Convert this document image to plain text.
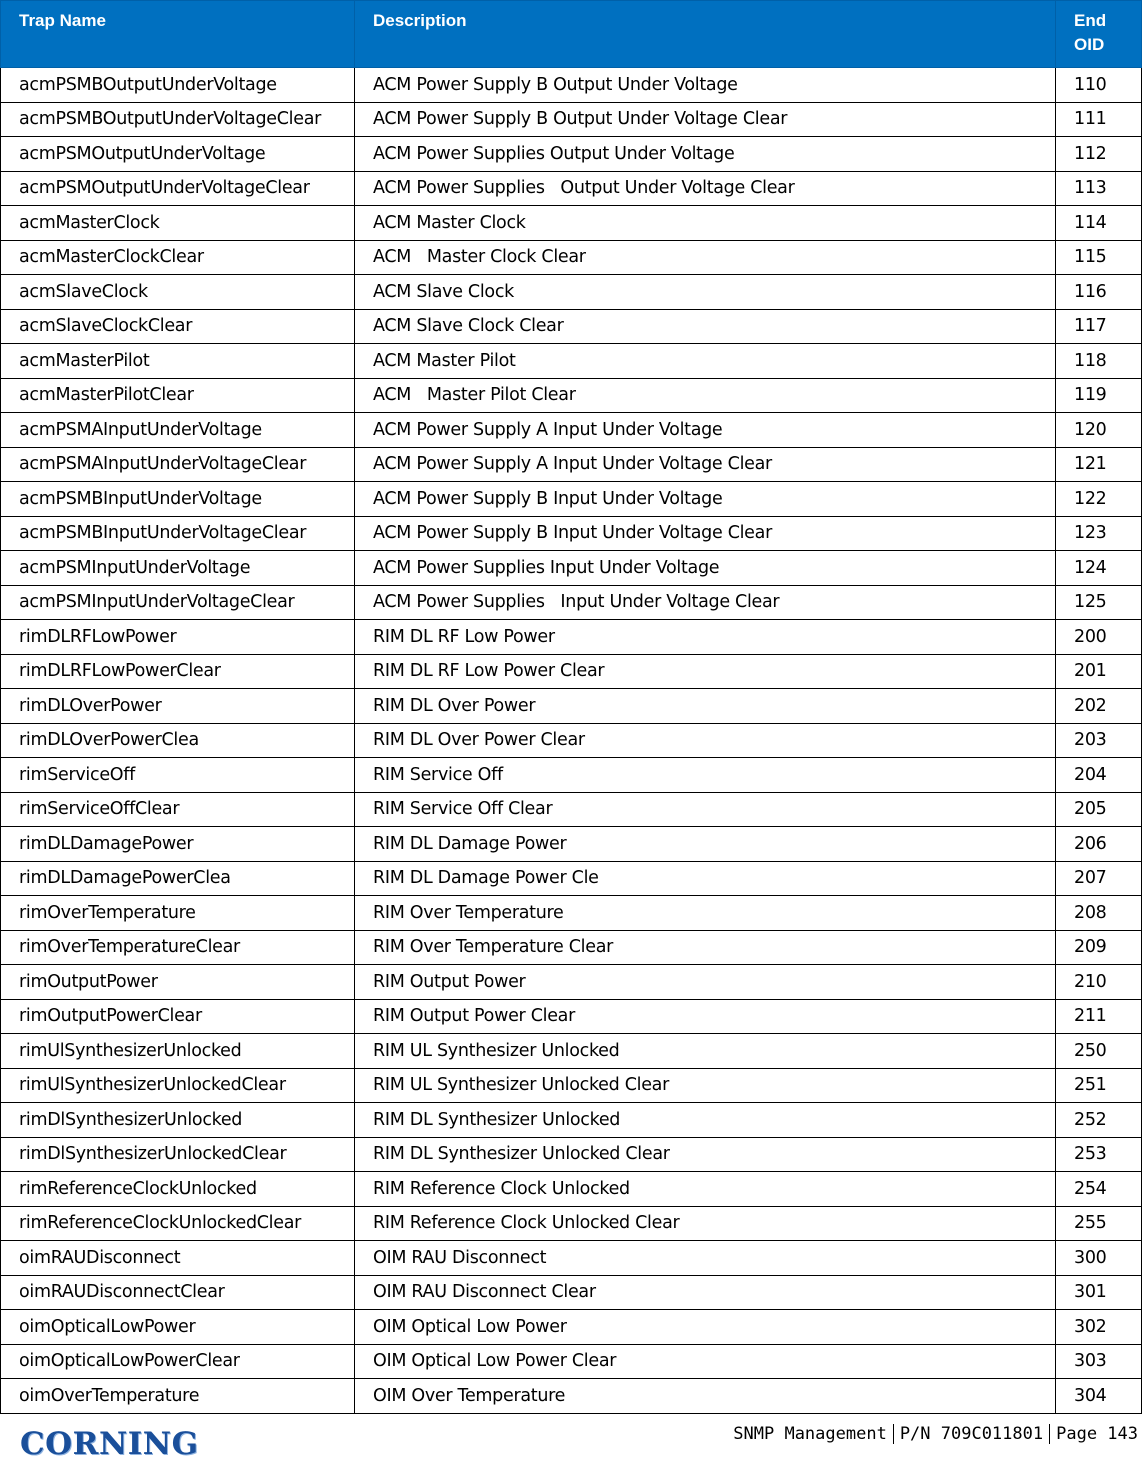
Trap Name	Description	End OID
acmPSMBOutputUnderVoltage	ACM Power Supply B Output Under Voltage	110
acmPSMBOutputUnderVoltageClear	ACM Power Supply B Output Under Voltage Clear	111
acmPSMOutputUnderVoltage	ACM Power Supplies Output Under Voltage	112
acmPSMOutputUnderVoltageClear	ACM Power Supplies   Output Under Voltage Clear	113
acmMasterClock	ACM Master Clock	114
acmMasterClockClear	ACM   Master Clock Clear	115
acmSlaveClock	ACM Slave Clock	116
acmSlaveClockClear	ACM Slave Clock Clear	117
acmMasterPilot	ACM Master Pilot	118
acmMasterPilotClear	ACM   Master Pilot Clear	119
acmPSMAInputUnderVoltage	ACM Power Supply A Input Under Voltage	120
acmPSMAInputUnderVoltageClear	ACM Power Supply A Input Under Voltage Clear	121
acmPSMBInputUnderVoltage	ACM Power Supply B Input Under Voltage	122
acmPSMBInputUnderVoltageClear	ACM Power Supply B Input Under Voltage Clear	123
acmPSMInputUnderVoltage	ACM Power Supplies Input Under Voltage	124
acmPSMInputUnderVoltageClear	ACM Power Supplies   Input Under Voltage Clear	125
rimDLRFLowPower	RIM DL RF Low Power	200
rimDLRFLowPowerClear	RIM DL RF Low Power Clear	201
rimDLOverPower	RIM DL Over Power	202
rimDLOverPowerClea	RIM DL Over Power Clear	203
rimServiceOff	RIM Service Off	204
rimServiceOffClear	RIM Service Off Clear	205
rimDLDamagePower	RIM DL Damage Power	206
rimDLDamagePowerClea	RIM DL Damage Power Cle	207
rimOverTemperature	RIM Over Temperature	208
rimOverTemperatureClear	RIM Over Temperature Clear	209
rimOutputPower	RIM Output Power	210
rimOutputPowerClear	RIM Output Power Clear	211
rimUlSynthesizerUnlocked	RIM UL Synthesizer Unlocked	250
rimUlSynthesizerUnlockedClear	RIM UL Synthesizer Unlocked Clear	251
rimDlSynthesizerUnlocked	RIM DL Synthesizer Unlocked	252
rimDlSynthesizerUnlockedClear	RIM DL Synthesizer Unlocked Clear	253
rimReferenceClockUnlocked	RIM Reference Clock Unlocked	254
rimReferenceClockUnlockedClear	RIM Reference Clock Unlocked Clear	255
oimRAUDisconnect	OIM RAU Disconnect	300
oimRAUDisconnectClear	OIM RAU Disconnect Clear	301
oimOpticalLowPower	OIM Optical Low Power	302
oimOpticalLowPowerClear	OIM Optical Low Power Clear	303
oimOverTemperature	OIM Over Temperature	304
CORNING	SNMP Management P/N 709C011801 Page 143
